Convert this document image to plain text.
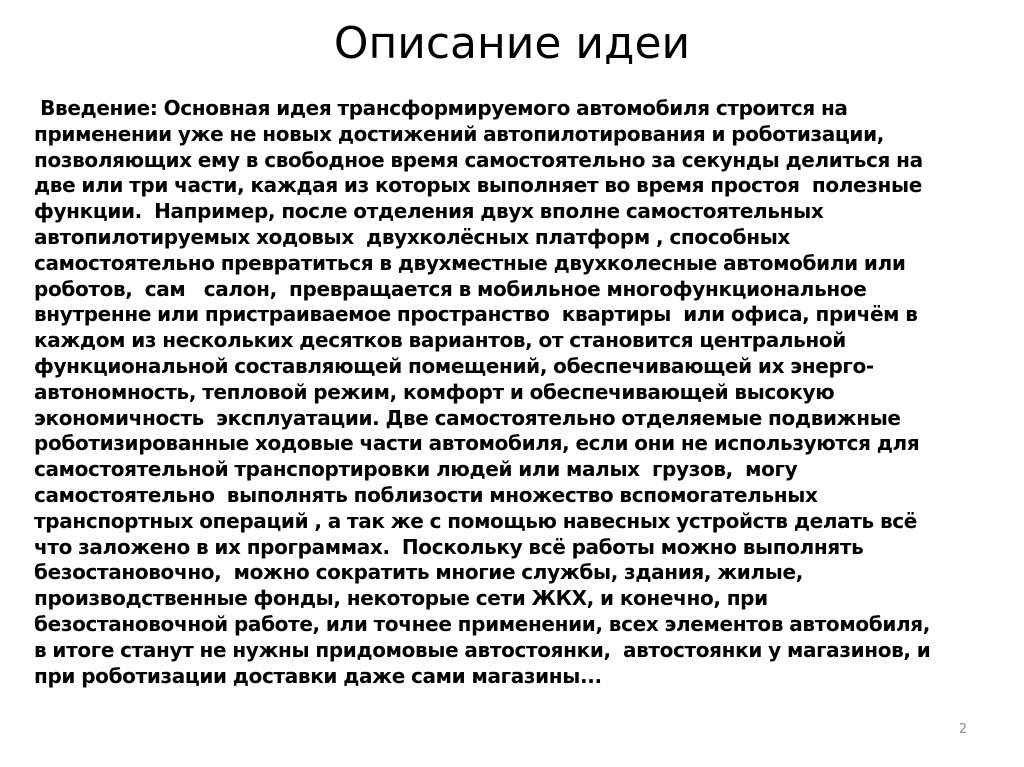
Описание идеи
Введение: Основная идея трансформируемого автомобиля строится на
применении уже не новых достижений автопилотирования и роботизации,
позволяющих ему в свободное время самостоятельно за секунды делиться на
две или три части, каждая из которых выполняет во время простоя  полезные
функции.  Например, после отделения двух вполне самостоятельных
автопилотируемых ходовых  двухколёсных платформ , способных
самостоятельно превратиться в двухместные двухколесные автомобили или
роботов,  сам   салон,  превращается в мобильное многофункциональное
внутренне или пристраиваемое пространство  квартиры  или офиса, причём в
каждом из нескольких десятков вариантов, от становится центральной
функциональной составляющей помещений, обеспечивающей их энерго-
автономность, тепловой режим, комфорт и обеспечивающей высокую
экономичность  эксплуатации. Две самостоятельно отделяемые подвижные
роботизированные ходовые части автомобиля, если они не используются для
самостоятельной транспортировки людей или малых  грузов,  могу
самостоятельно  выполнять поблизости множество вспомогательных
транспортных операций , а так же с помощью навесных устройств делать всё
что заложено в их программах.  Поскольку всё работы можно выполнять
безостановочно,  можно сократить многие службы, здания, жилые,
производственные фонды, некоторые сети ЖКХ, и конечно, при
безостановочной работе, или точнее применении, всех элементов автомобиля,
в итоге станут не нужны придомовые автостоянки,  автостоянки у магазинов, и
при роботизации доставки даже сами магазины...
2
